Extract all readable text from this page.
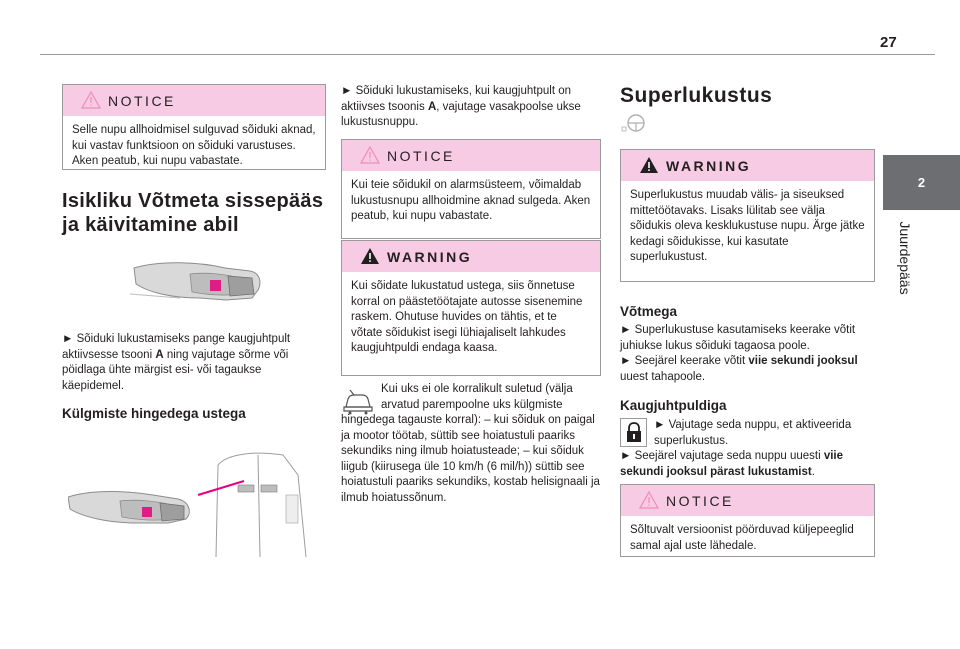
27
2
Juurdepääs
NOTICE
Selle nupu allhoidmisel sulguvad sõiduki aknad, kui vastav funktsioon on sõiduki varustuses. Aken peatub, kui nupu vabastate.
Isikliku Võtmeta sissepääs ja käivitamine abil
► Sõiduki lukustamiseks pange kaugjuhtpult aktiivsesse tsooni A ning vajutage sõrme või pöidlaga ühte märgist esi- või tagaukse käepidemel.
Külgmiste hingedega ustega
► Sõiduki lukustamiseks, kui kaugjuhtpult on aktiivses tsoonis A, vajutage vasakpoolse ukse lukustusnuppu.
NOTICE
Kui teie sõidukil on alarmsüsteem, võimaldab lukustusnupu allhoidmine aknad sulgeda. Aken peatub, kui nupu vabastate.
WARNING
Kui sõidate lukustatud ustega, siis õnnetuse korral on päästetöötajate autosse sisenemine raskem. Ohutuse huvides on tähtis, et te võtate sõidukist isegi lühiajaliselt lahkudes kaugjuhtpuldi endaga kaasa.
Kui uks ei ole korralikult suletud (välja arvatud parempoolne uks külgmiste
hingedega tagauste korral): – kui sõiduk on paigal ja mootor töötab, süttib see hoiatustuli paariks sekundiks ning ilmub hoiatusteade; – kui sõiduk liigub (kiirusega üle 10 km/h (6 mil/h)) süttib see hoiatustuli paariks sekundiks, kostab helisignaali ja ilmub hoiatussõnum.
Superlukustus
WARNING
Superlukustus muudab välis- ja siseuksed mittetöötavaks. Lisaks lülitab see välja sõidukis oleva kesklukustuse nupu. Ärge jätke kedagi sõidukisse, kui kasutate superlukustust.
Võtmega

► Superlukustuse kasutamiseks keerake võtit juhiukse lukus sõiduki tagaosa poole.

► Seejärel keerake võtit viie sekundi jooksul uuest tahapoole.

Kaugjuhtpuldiga
► Vajutage seda nuppu, et aktiveerida superlukustus.
► Seejärel vajutage seda nuppu uuesti viie sekundi jooksul pärast lukustamist.
NOTICE
Sõltuvalt versioonist pöörduvad küljepeeglid samal ajal uste lähedale.
